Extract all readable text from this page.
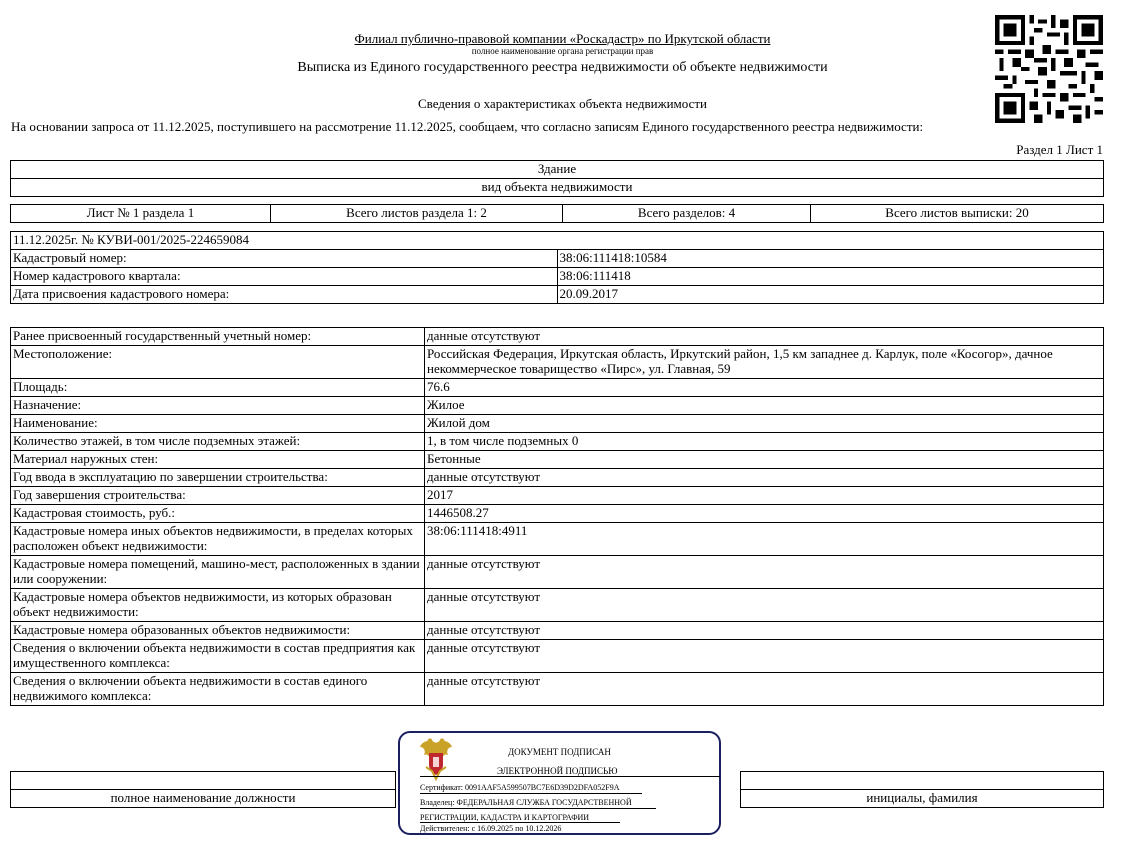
Филиал публично-правовой компании «Роскадастр» по Иркутской области
полное наименование органа регистрации прав
Выписка из Единого государственного реестра недвижимости об объекте недвижимости
Сведения о характеристиках объекта недвижимости
На основании запроса от 11.12.2025, поступившего на рассмотрение 11.12.2025, сообщаем, что согласно записям Единого государственного реестра недвижимости:
Раздел 1 Лист 1
Здание
вид объекта недвижимости
Лист № 1 раздела 1	Всего листов раздела 1: 2	Всего разделов: 4	Всего листов выписки: 20
11.12.2025г. № КУВИ-001/2025-224659084	
Кадастровый номер:	38:06:111418:10584
Номер кадастрового квартала:	38:06:111418
Дата присвоения кадастрового номера:	20.09.2017
Ранее присвоенный государственный учетный номер:	данные отсутствуют
Местоположение:	Российская Федерация, Иркутская область, Иркутский район, 1,5 км западнее д. Карлук, поле «Косогор», дачное некоммерческое товарищество «Пирс», ул. Главная, 59
Площадь:	76.6
Назначение:	Жилое
Наименование:	Жилой дом
Количество этажей, в том числе подземных этажей:	1, в том числе подземных 0
Материал наружных стен:	Бетонные
Год ввода в эксплуатацию по завершении строительства:	данные отсутствуют
Год завершения строительства:	2017
Кадастровая стоимость, руб.:	1446508.27
Кадастровые номера иных объектов недвижимости, в пределах которых расположен объект недвижимости:	38:06:111418:4911
Кадастровые номера помещений, машино-мест, расположенных в здании или сооружении:	данные отсутствуют
Кадастровые номера объектов недвижимости, из которых образован объект недвижимости:	данные отсутствуют
Кадастровые номера образованных объектов недвижимости:	данные отсутствуют
Сведения о включении объекта недвижимости в состав предприятия как имущественного комплекса:	данные отсутствуют
Сведения о включении объекта недвижимости в состав единого недвижимого комплекса:	данные отсутствуют

полное наименование должности		инициалы, фамилия
ДОКУМЕНТ ПОДПИСАН
ЭЛЕКТРОННОЙ ПОДПИСЬЮ
Сертификат: 0091AAF5A599507BC7E6D39D2DFA052F9A
Владелец: ФЕДЕРАЛЬНАЯ СЛУЖБА ГОСУДАРСТВЕННОЙ
РЕГИСТРАЦИИ, КАДАСТРА И КАРТОГРАФИИ
Действителен: с 16.09.2025 по 10.12.2026
